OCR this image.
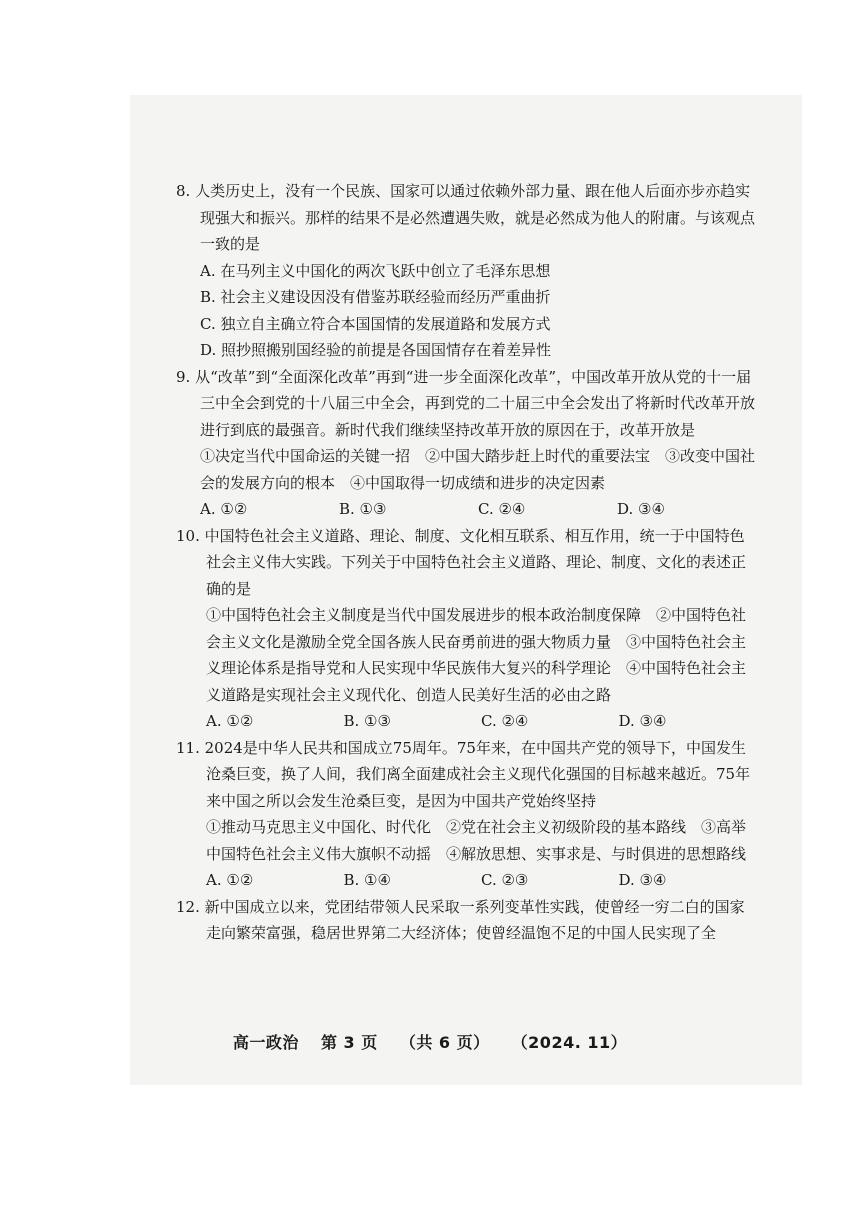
8. 人类历史上，没有一个民族、国家可以通过依赖外部力量、跟在他人后面亦步亦趋实现强大和振兴。那样的结果不是必然遭遇失败，就是必然成为他人的附庸。与该观点一致的是

A. 在马列主义中国化的两次飞跃中创立了毛泽东思想

B. 社会主义建设因没有借鉴苏联经验而经历严重曲折

C. 独立自主确立符合本国国情的发展道路和发展方式

D. 照抄照搬别国经验的前提是各国国情存在着差异性

9. 从“改革”到“全面深化改革”再到“进一步全面深化改革”，中国改革开放从党的十一届三中全会到党的十八届三中全会，再到党的二十届三中全会发出了将新时代改革开放进行到底的最强音。新时代我们继续坚持改革开放的原因在于，改革开放是

①决定当代中国命运的关键一招　②中国大踏步赶上时代的重要法宝　③改变中国社会的发展方向的根本　④中国取得一切成绩和进步的决定因素

A. ①②	B. ①③	C. ②④	D. ③④

10. 中国特色社会主义道路、理论、制度、文化相互联系、相互作用，统一于中国特色社会主义伟大实践。下列关于中国特色社会主义道路、理论、制度、文化的表述正确的是

①中国特色社会主义制度是当代中国发展进步的根本政治制度保障　②中国特色社会主义文化是激励全党全国各族人民奋勇前进的强大物质力量　③中国特色社会主义理论体系是指导党和人民实现中华民族伟大复兴的科学理论　④中国特色社会主义道路是实现社会主义现代化、创造人民美好生活的必由之路

A. ①②	B. ①③	C. ②④	D. ③④

11. 2024是中华人民共和国成立75周年。75年来，在中国共产党的领导下，中国发生沧桑巨变，换了人间，我们离全面建成社会主义现代化强国的目标越来越近。75年来中国之所以会发生沧桑巨变，是因为中国共产党始终坚持

①推动马克思主义中国化、时代化　②党在社会主义初级阶段的基本路线　③高举中国特色社会主义伟大旗帜不动摇　④解放思想、实事求是、与时俱进的思想路线

A. ①②	B. ①④	C. ②③	D. ③④

12. 新中国成立以来，党团结带领人民采取一系列变革性实践，使曾经一穷二白的国家走向繁荣富强，稳居世界第二大经济体；使曾经温饱不足的中国人民实现了全

高一政治 第 3 页 （共 6 页） （2024. 11）
